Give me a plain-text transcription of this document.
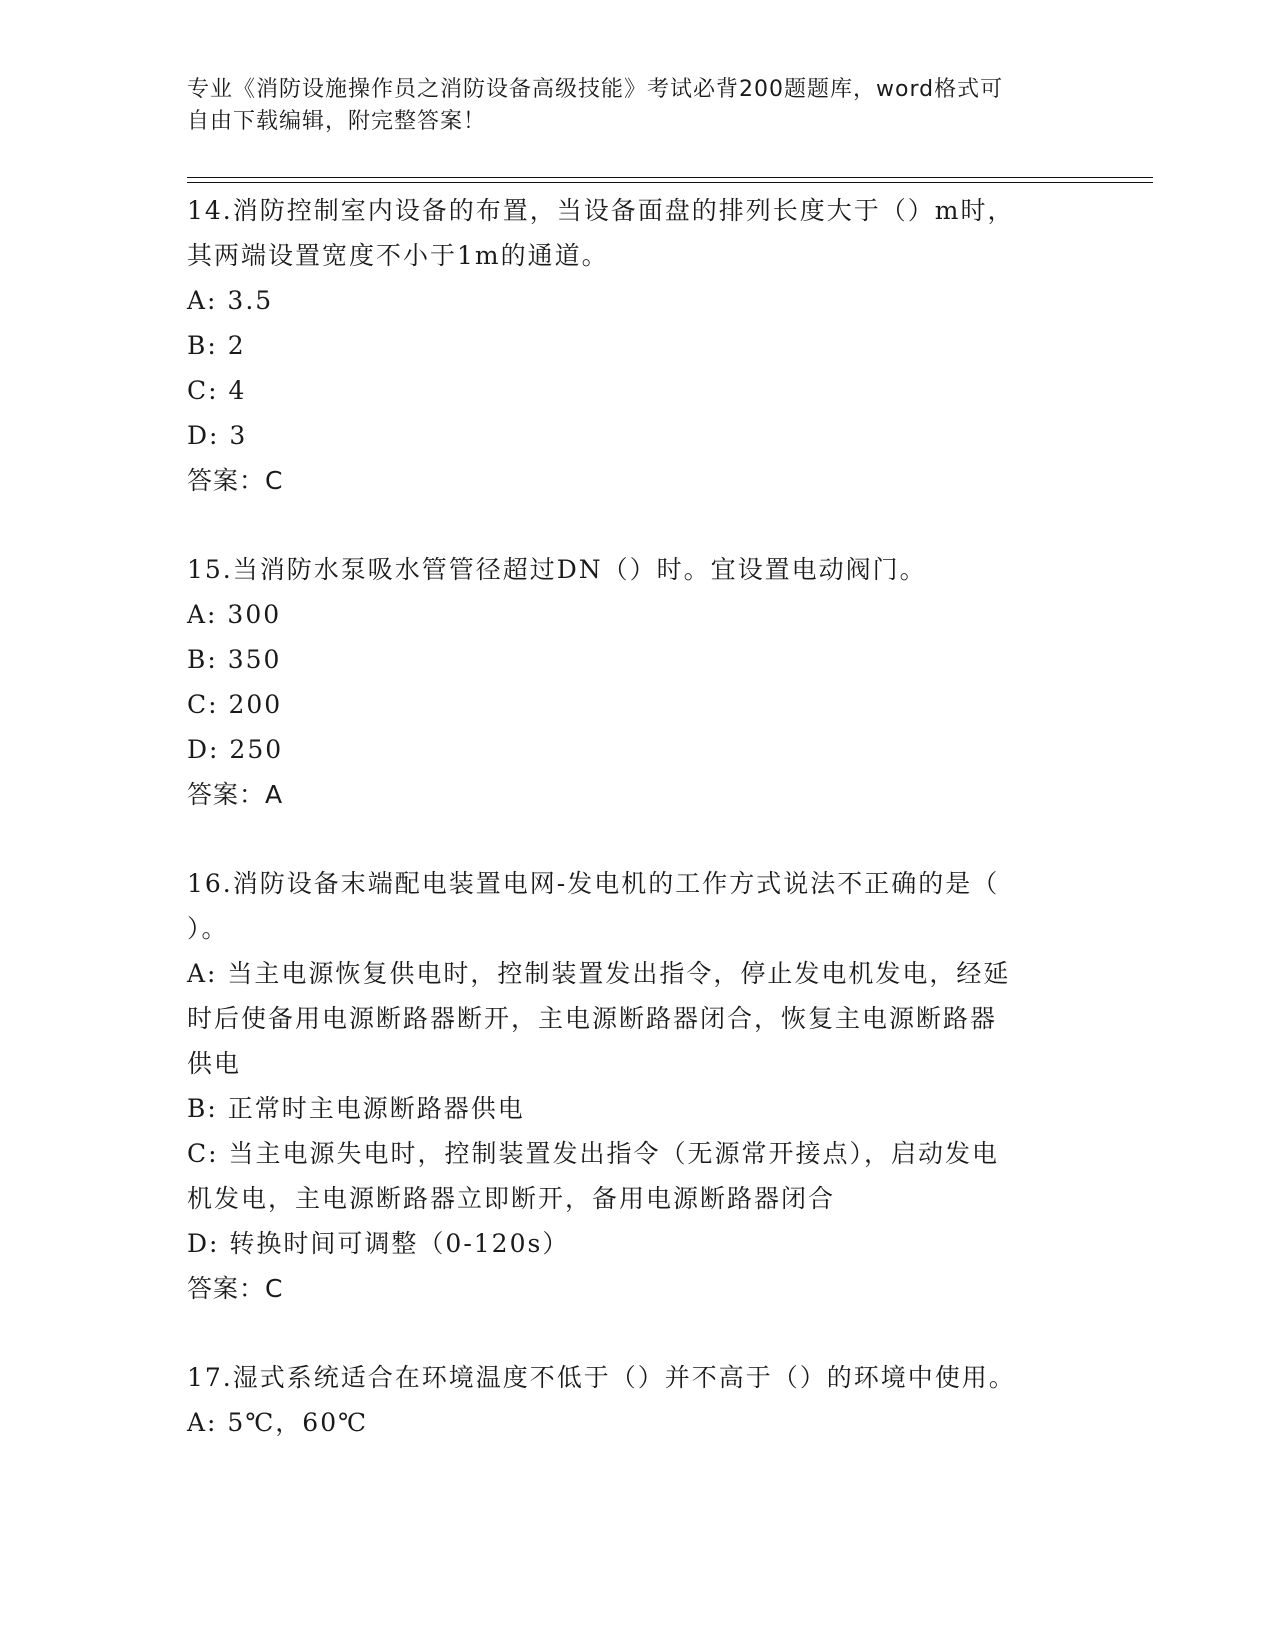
专业《消防设施操作员之消防设备高级技能》考试必背200题题库，word格式可
自由下载编辑，附完整答案！
14.消防控制室内设备的布置，当设备面盘的排列长度大于（）m时，
其两端设置宽度不小于1m的通道。
A: 3.5
B: 2
C: 4
D: 3
答案：C
15.当消防水泵吸水管管径超过DN（）时。宜设置电动阀门。
A: 300
B: 350
C: 200
D: 250
答案：A
16.消防设备末端配电装置电网-发电机的工作方式说法不正确的是（
）。
A: 当主电源恢复供电时，控制装置发出指令，停止发电机发电，经延
时后使备用电源断路器断开，主电源断路器闭合，恢复主电源断路器
供电
B: 正常时主电源断路器供电
C: 当主电源失电时，控制装置发出指令（无源常开接点），启动发电
机发电，主电源断路器立即断开，备用电源断路器闭合
D: 转换时间可调整（0-120s）
答案：C
17.湿式系统适合在环境温度不低于（）并不高于（）的环境中使用。
A: 5℃，60℃
